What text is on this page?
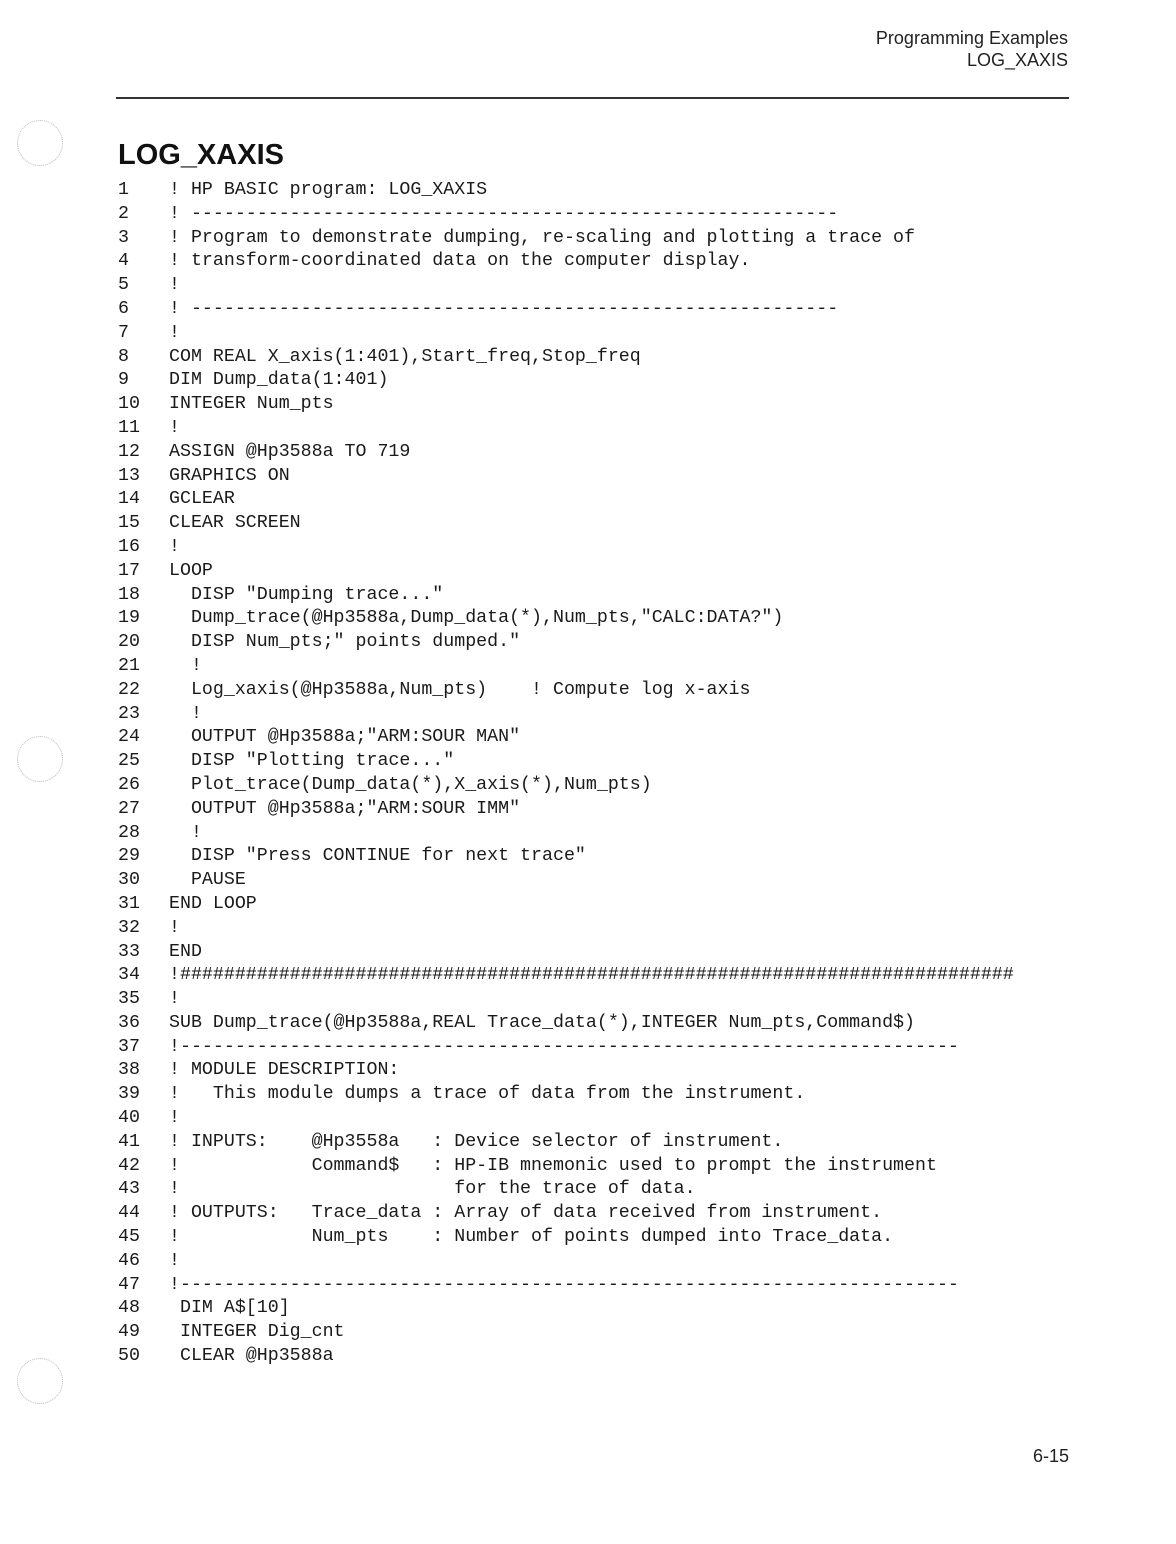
Programming Examples
LOG_XAXIS
LOG_XAXIS
1	! HP BASIC program: LOG_XAXIS
2	! -----------------------------------------------------------
3	! Program to demonstrate dumping, re-scaling and plotting a trace of
4	! transform-coordinated data on the computer display.
5	!
6	! -----------------------------------------------------------
7	!
8	COM REAL X_axis(1:401),Start_freq,Stop_freq
9	DIM Dump_data(1:401)
10	INTEGER Num_pts
11	!
12	ASSIGN @Hp3588a TO 719
13	GRAPHICS ON
14	GCLEAR
15	CLEAR SCREEN
16	!
17	LOOP
18	DISP "Dumping trace..."
19	Dump_trace(@Hp3588a,Dump_data(*),Num_pts,"CALC:DATA?")
20	DISP Num_pts;" points dumped."
21	!
22	Log_xaxis(@Hp3588a,Num_pts)    ! Compute log x-axis
23	!
24	OUTPUT @Hp3588a;"ARM:SOUR MAN"
25	DISP "Plotting trace..."
26	Plot_trace(Dump_data(*),X_axis(*),Num_pts)
27	OUTPUT @Hp3588a;"ARM:SOUR IMM"
28	!
29	DISP "Press CONTINUE for next trace"
30	PAUSE
31	END LOOP
32	!
33	END
34	!############################################################################
35	!
36	SUB Dump_trace(@Hp3588a,REAL Trace_data(*),INTEGER Num_pts,Command$)
37	!-----------------------------------------------------------------------
38	! MODULE DESCRIPTION:
39	!   This module dumps a trace of data from the instrument.
40	!
41	! INPUTS:    @Hp3558a   : Device selector of instrument.
42	!            Command$   : HP-IB mnemonic used to prompt the instrument
43	!                         for the trace of data.
44	! OUTPUTS:   Trace_data : Array of data received from instrument.
45	!            Num_pts    : Number of points dumped into Trace_data.
46	!
47	!-----------------------------------------------------------------------
48	DIM A$[10]
49	INTEGER Dig_cnt
50	CLEAR @Hp3588a
6-15
